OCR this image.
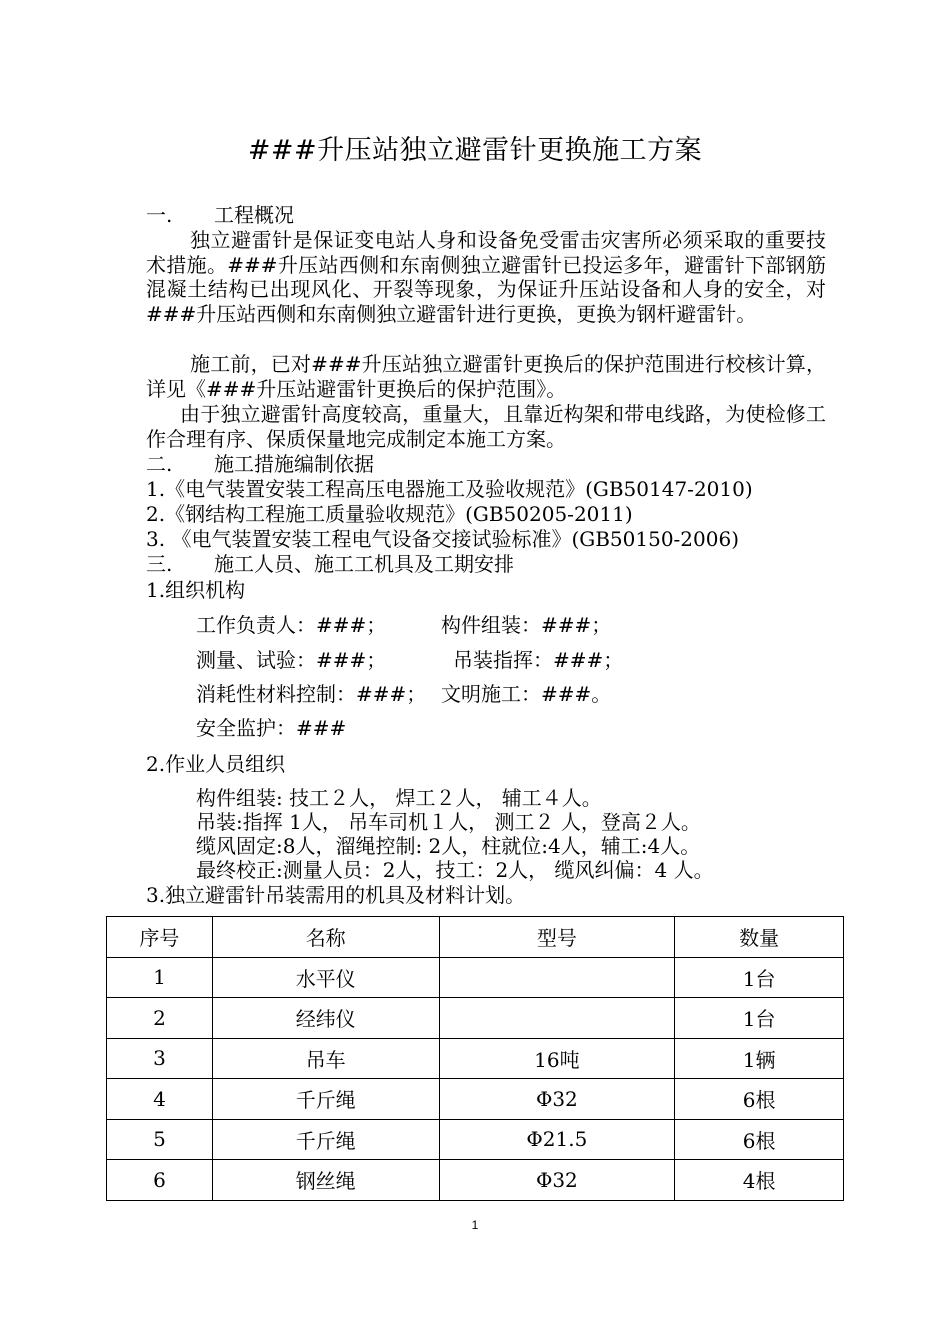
###升压站独立避雷针更换施工方案
一. 工程概况
独立避雷针是保证变电站人身和设备免受雷击灾害所必须采取的重要技术措施。###升压站西侧和东南侧独立避雷针已投运多年，避雷针下部钢筋混凝土结构已出现风化、开裂等现象，为保证升压站设备和人身的安全，对###升压站西侧和东南侧独立避雷针进行更换，更换为钢杆避雷针。
施工前，已对###升压站独立避雷针更换后的保护范围进行校核计算，详见《###升压站避雷针更换后的保护范围》。
由于独立避雷针高度较高，重量大，且靠近构架和带电线路，为使检修工作合理有序、保质保量地完成制定本施工方案。
二. 施工措施编制依据
1.《电气装置安装工程高压电器施工及验收规范》(GB50147-2010)
2.《钢结构工程施工质量验收规范》(GB50205-2011)
3. 《电气装置安装工程电气设备交接试验标准》(GB50150-2006)
三. 施工人员、施工工机具及工期安排
1.组织机构
工作负责人：###；	构件组装：###；
测量、试验：###；	吊装指挥：###；
消耗性材料控制：###； 文明施工：###。
安全监护：###
2.作业人员组织
构件组装: 技工２人， 焊工２人， 辅工４人。
吊装:指挥 1人， 吊车司机１人， 测工２ 人，登高２人。
缆风固定:8人，溜绳控制: 2人，柱就位:4人，辅工:4人。
最终校正:测量人员：2人，技工：2人， 缆风纠偏：4 人。
3.独立避雷针吊装需用的机具及材料计划。
序号	名称	型号	数量
1	水平仪		1台
2	经纬仪		1台
3	吊车	16吨	1辆
4	千斤绳	Φ32	6根
5	千斤绳	Φ21.5	6根
6	钢丝绳	Φ32	4根
1
